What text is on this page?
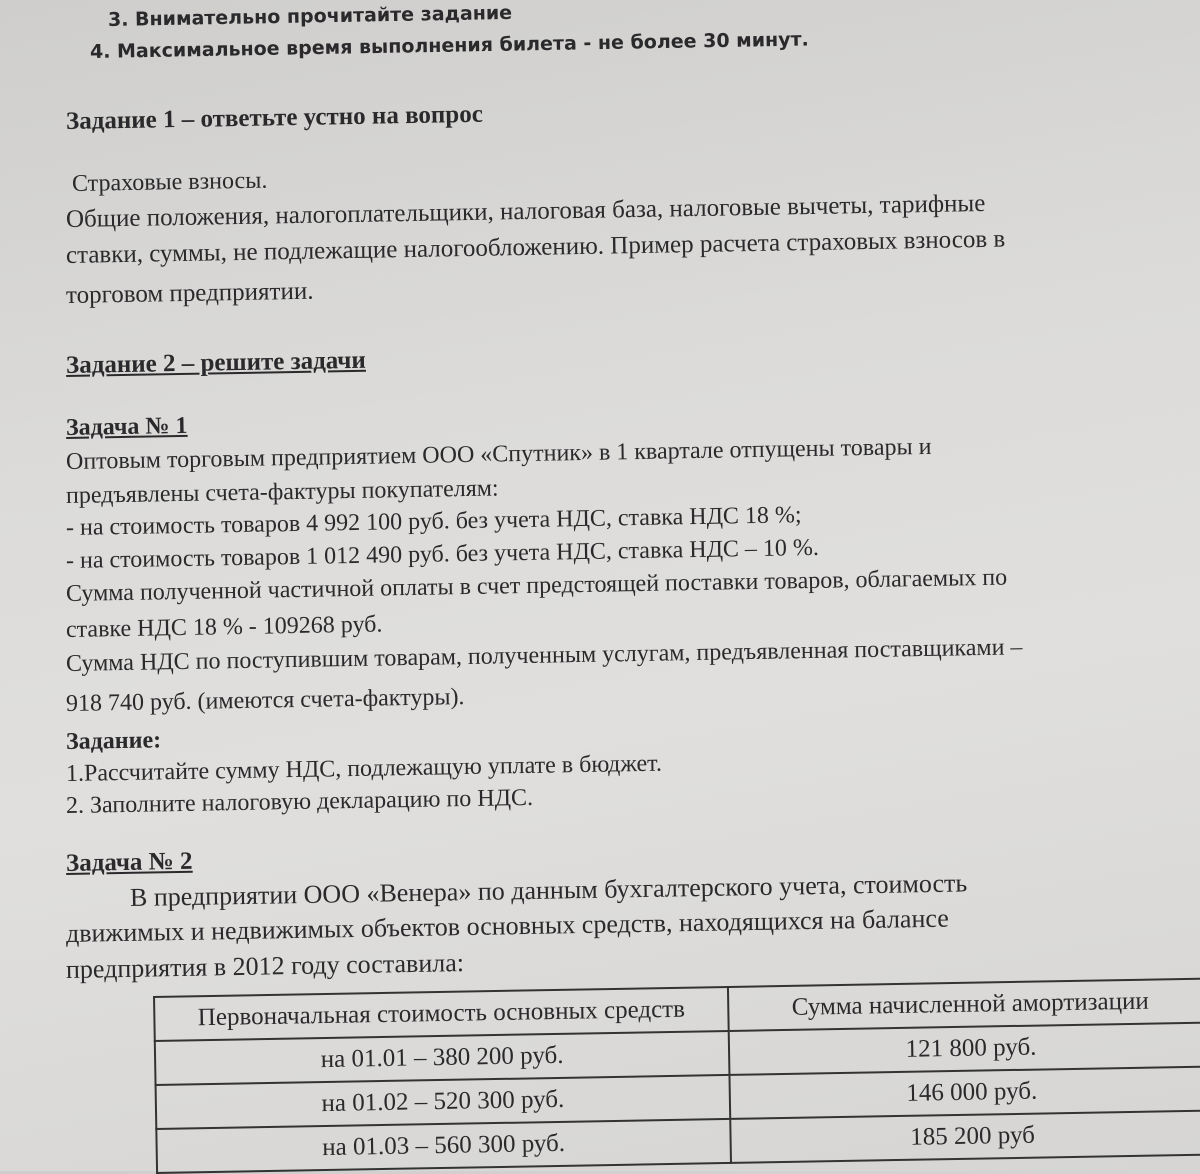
3. Внимательно прочитайте задание
4. Максимальное время выполнения билета - не более 30 минут.
Задание 1 – ответьте устно на вопрос
Страховые взносы.
Общие положения, налогоплательщики, налоговая база, налоговые вычеты, тарифные
ставки, суммы, не подлежащие налогообложению. Пример расчета страховых взносов в
торговом предприятии.
Задание 2 – решите задачи
Задача № 1
Оптовым торговым предприятием ООО «Спутник» в 1 квартале отпущены товары и
предъявлены счета-фактуры покупателям:
- на стоимость товаров 4 992 100 руб. без учета НДС, ставка НДС 18 %;
- на стоимость товаров 1 012 490 руб. без учета НДС, ставка НДС – 10 %.
Сумма полученной частичной оплаты в счет предстоящей поставки товаров, облагаемых по
ставке НДС 18 % - 109268 руб.
Сумма НДС по поступившим товарам, полученным услугам, предъявленная поставщиками –
918 740 руб. (имеются счета-фактуры).
Задание:
1.Рассчитайте сумму НДС, подлежащую уплате в бюджет.
2. Заполните налоговую декларацию по НДС.
Задача № 2
В предприятии ООО «Венера» по данным бухгалтерского учета, стоимость
движимых и недвижимых объектов основных средств, находящихся на балансе
предприятия в 2012 году составила:
Первоначальная стоимость основных средств	Сумма начисленной амортизации
на 01.01 – 380 200 руб.	121 800 руб.
на 01.02 – 520 300 руб.	146 000 руб.
на 01.03 – 560 300 руб.	185 200 руб
